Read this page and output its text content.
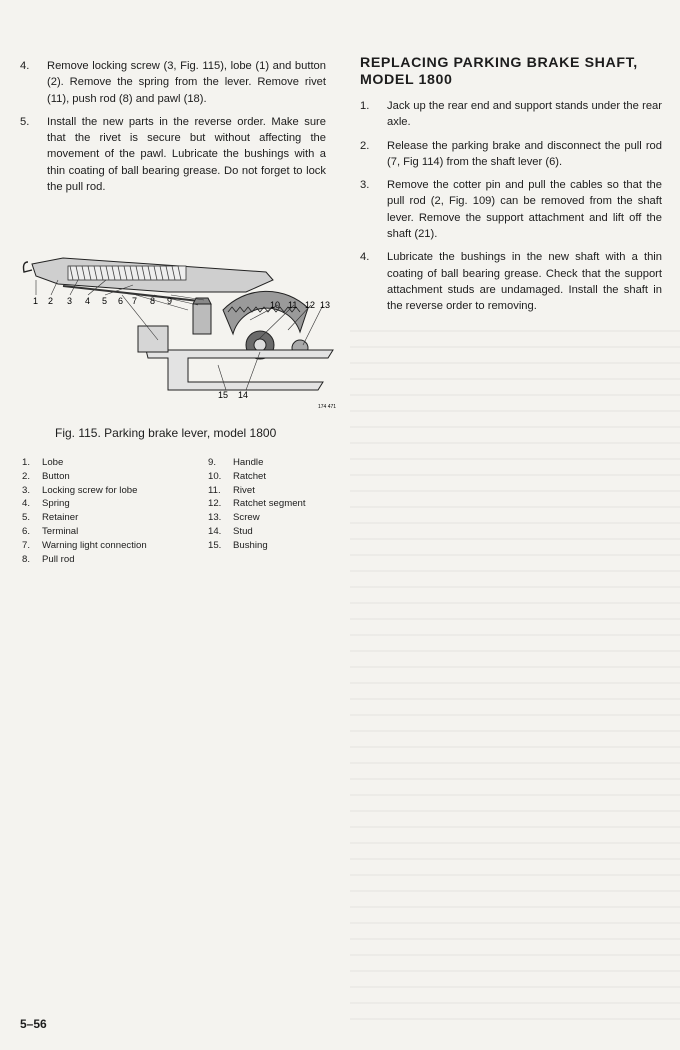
4.	Remove locking screw (3, Fig. 115), lobe (1) and button (2). Remove the spring from the lever. Remove rivet (11), push rod (8) and pawl (18).
5.	Install the new parts in the reverse order. Make sure that the rivet is secure but without affecting the movement of the pawl. Lubricate the bushings with a thin coating of ball bearing grease. Do not forget to lock the pull rod.
1 2 3 4 5 6 7 8 9	10 11 12 13
15 14
174 471
Fig. 115. Parking brake lever, model 1800
1.	Lobe
2.	Button
3.	Locking screw for lobe
4.	Spring
5.	Retainer
6.	Terminal
7.	Warning light connection
8.	Pull rod
9.	Handle
10.	Ratchet
11.	Rivet
12.	Ratchet segment
13.	Screw
14.	Stud
15.	Bushing
REPLACING PARKING BRAKE SHAFT,
MODEL 1800
1.	Jack up the rear end and support stands under the rear axle.
2.	Release the parking brake and disconnect the pull rod (7, Fig 114) from the shaft lever (6).
3.	Remove the cotter pin and pull the cables so that the pull rod (2, Fig. 109) can be removed from the shaft lever. Remove the support attachment and lift off the shaft (21).
4.	Lubricate the bushings in the new shaft with a thin coating of ball bearing grease. Check that the support attachment studs are undamaged. Install the shaft in the reverse order to removing.
5–56
